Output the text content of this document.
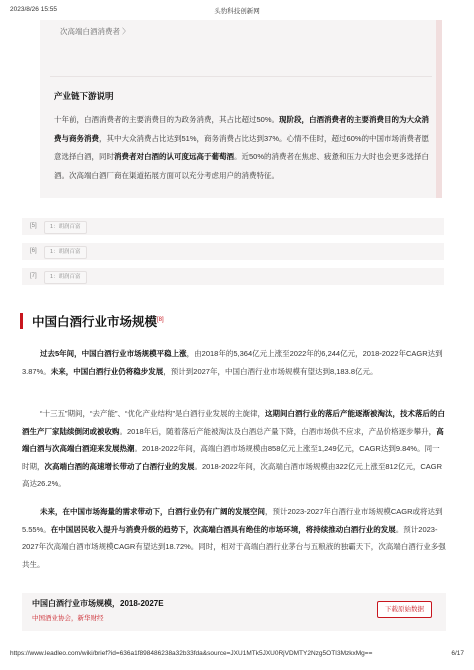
2023/8/26 15:55	头豹科技创新网
次高端白酒消费者 〉
产业链下游说明
十年前，白酒消费者的主要消费目的为政务消费，其占比超过50%。现阶段，白酒消费者的主要消费目的为大众消费与商务消费，其中大众消费占比达到51%，商务消费占比达到37%。心情不佳时，超过60%的中国市场消费者愿意选择白酒，同时消费者对白酒的认可度远高于葡萄酒。近50%的消费者在焦虑、疲惫和压力大时也会更多选择白酒。次高端白酒厂商在渠道拓展方面可以充分考虑用户的消费特征。
[5]	1：胡润百富
[6]	1：胡润百富
[7]	1：胡润百富
中国白酒行业市场规模[8]
过去5年间，中国白酒行业市场规模平稳上涨，由2018年的5,364亿元上涨至2022年的6,244亿元，2018-2022年CAGR达到3.87%。未来，中国白酒行业仍将稳步发展，预计到2027年，中国白酒行业市场规模有望达到8,183.8亿元。
“十三五”期间，“去产能”、“优化产业结构”是白酒行业发展的主旋律，这期间白酒行业的落后产能逐渐被淘汰，技术落后的白酒生产厂家陆续倒闭或被收购。2018年后，随着落后产能被淘汰及白酒总产量下降，白酒市场供不应求，产品价格逐步攀升，高端白酒与次高端白酒迎来发展热潮。2018-2022年间，高端白酒市场规模由858亿元上涨至1,249亿元，CAGR达到9.84%。同一时期，次高端白酒的高速增长带动了白酒行业的发展。2018-2022年间，次高端白酒市场规模由322亿元上涨至812亿元，CAGR高达26.2%。
未来，在中国市场海量的需求带动下，白酒行业仍有广阔的发展空间，预计2023-2027年白酒行业市场规模CAGR或将达到5.55%。在中国居民收入提升与消费升级的趋势下，次高端白酒具有绝佳的市场环境，将持续推动白酒行业的发展。预计2023-2027年次高端白酒市场规模CAGR有望达到18.72%。同时，相对于高端白酒行业茅台与五粮液的独霸天下，次高端白酒行业多强共生。
中国白酒行业市场规模，2018-2027E
中国酒业协会，新华财经
下载原始数据
https://www.leadleo.com/wiki/brief?id=636a1f898486238a32b33fda&source=JXU1MTk5JXU0RjVDMTY2Nzg5OTI3MzkxMg==	6/17
